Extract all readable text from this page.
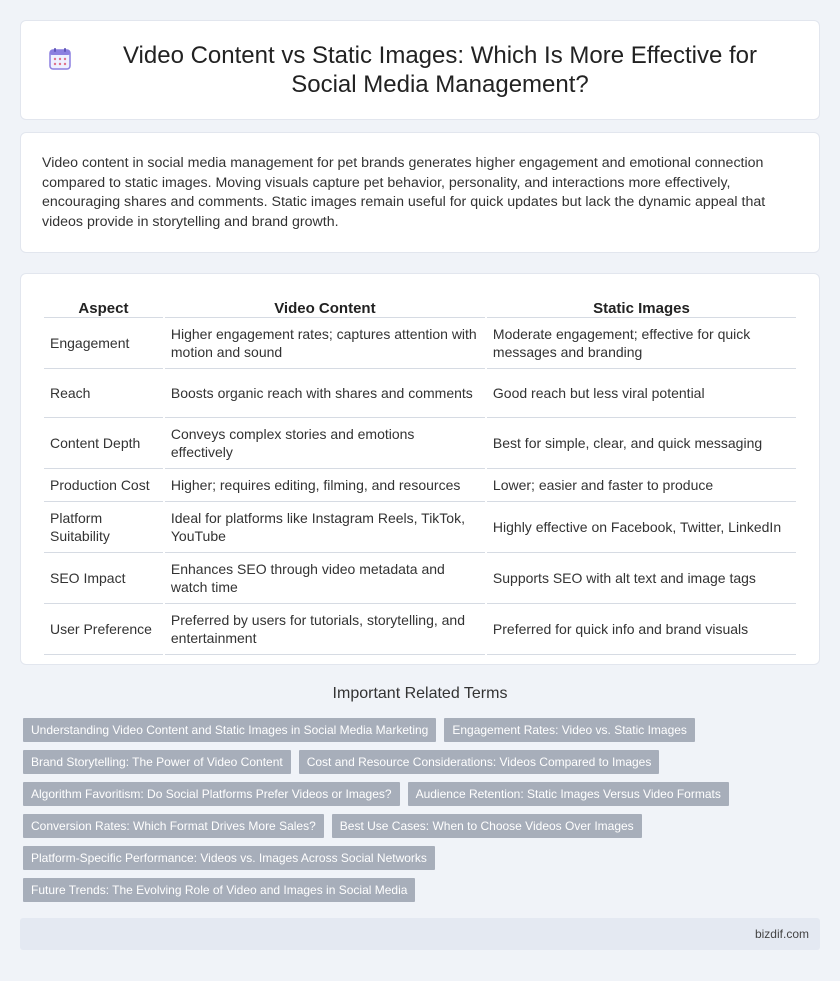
Video Content vs Static Images: Which Is More Effective for Social Media Management?

Video content in social media management for pet brands generates higher engagement and emotional connection compared to static images. Moving visuals capture pet behavior, personality, and interactions more effectively, encouraging shares and comments. Static images remain useful for quick updates but lack the dynamic appeal that videos provide in storytelling and brand growth.

Aspect	Video Content	Static Images
Engagement	Higher engagement rates; captures attention with motion and sound	Moderate engagement; effective for quick messages and branding
Reach	Boosts organic reach with shares and comments	Good reach but less viral potential
Content Depth	Conveys complex stories and emotions effectively	Best for simple, clear, and quick messaging
Production Cost	Higher; requires editing, filming, and resources	Lower; easier and faster to produce
Platform Suitability	Ideal for platforms like Instagram Reels, TikTok, YouTube	Highly effective on Facebook, Twitter, LinkedIn
SEO Impact	Enhances SEO through video metadata and watch time	Supports SEO with alt text and image tags
User Preference	Preferred by users for tutorials, storytelling, and entertainment	Preferred for quick info and brand visuals
Important Related Terms
Understanding Video Content and Static Images in Social Media Marketing	Engagement Rates: Video vs. Static Images
Brand Storytelling: The Power of Video Content	Cost and Resource Considerations: Videos Compared to Images
Algorithm Favoritism: Do Social Platforms Prefer Videos or Images?	Audience Retention: Static Images Versus Video Formats
Conversion Rates: Which Format Drives More Sales?	Best Use Cases: When to Choose Videos Over Images
Platform-Specific Performance: Videos vs. Images Across Social Networks
Future Trends: The Evolving Role of Video and Images in Social Media
bizdif.com
